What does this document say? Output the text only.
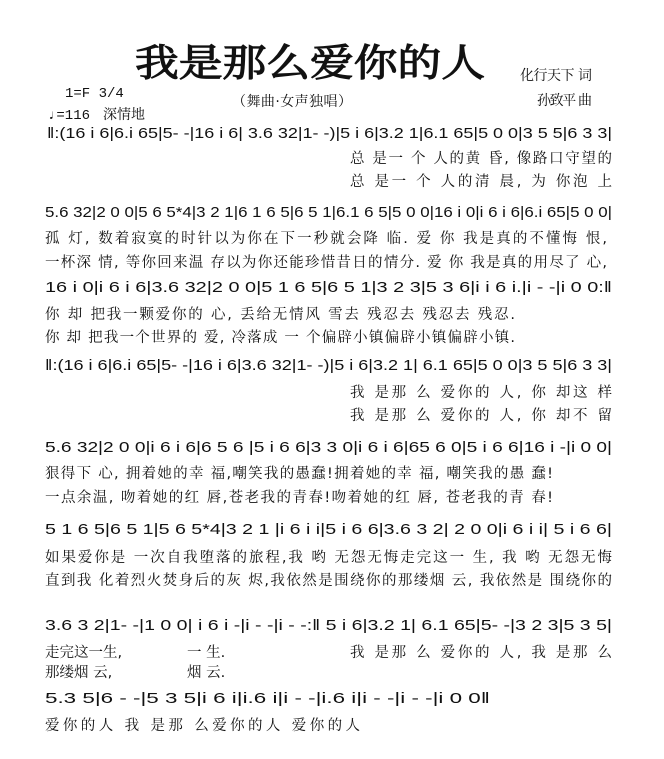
我是那么爱你的人	化行天下 词
孙致平 曲
（舞曲·女声独唱）
1=F 3/4
♩=116 深情地
‖:(16 i 6|6.i 65|5- -|16 i 6| 3.6 32|1- -)|5 i 6|3.2 1|6.1 65|5 0 0|3 5 5|6 3 3|
总 是一 个 人的黄 昏, 像路口守望的
总 是一 个 人的清 晨, 为 你泡 上
5.6 32|2 0 0|5 6 5*4|3 2 1|6 1 6 5|6 5 1|6.1 6 5|5 0 0|16 i 0|i 6 i 6|6.i 65|5 0 0|
孤 灯, 数着寂寞的时针以为你在下一秒就会降 临. 爱 你 我是真的不懂悔 恨,
一杯深 情, 等你回来温 存以为你还能珍惜昔日的情分. 爱 你 我是真的用尽了 心,
16 i 0|i 6 i 6|3.6 32|2 0 0|5 1 6 5|6 5 1|3 2 3|5 3 6|i i 6 i.|i - -|i 0 0:‖
你 却 把我一颗爱你的 心, 丢给无情风 雪去 残忍去 残忍去 残忍.
你 却 把我一个世界的 爱, 冷落成 一 个偏辟小镇偏辟小镇偏辟小镇.
‖:(16 i 6|6.i 65|5- -|16 i 6|3.6 32|1- -)|5 i 6|3.2 1| 6.1 65|5 0 0|3 5 5|6 3 3|
我 是那 么 爱你的 人, 你 却这 样
我 是那 么 爱你的 人, 你 却不 留
5.6 32|2 0 0|i 6 i 6|6 5 6 |5 i 6 6|3 3 0|i 6 i 6|65 6 0|5 i 6 6|16 i -|i 0 0|
狠得下 心, 拥着她的幸 福,嘲笑我的愚蠢!拥着她的幸 福, 嘲笑我的愚 蠢!
一点余温, 吻着她的红 唇,苍老我的青春!吻着她的红 唇, 苍老我的青 春!
5 1 6 5|6 5 1|5 6 5*4|3 2 1 |i 6 i i|5 i 6 6|3.6 3 2| 2 0 0|i 6 i i| 5 i 6 6|
如果爱你是 一次自我堕落的旅程,我 哟 无怨无悔走完这一 生, 我 哟 无怨无悔
直到我 化着烈火焚身后的灰 烬,我依然是围绕你的那缕烟 云, 我依然是 围绕你的
3.6 3 2|1- -|1 0 0| i 6 i -|i - -|i - -:‖ 5 i 6|3.2 1| 6.1 65|5- -|3 2 3|5 3 5|
走完这一生,	一 生.	我 是那 么 爱你的 人, 我 是那 么
那缕烟 云,	烟 云.
5.3 5|6 - -|5 3 5|i 6 i|i.6 i|i - -|i.6 i|i - -|i - -|i 0 0‖
爱你的人 我 是那 么爱你的人 爱你的人
